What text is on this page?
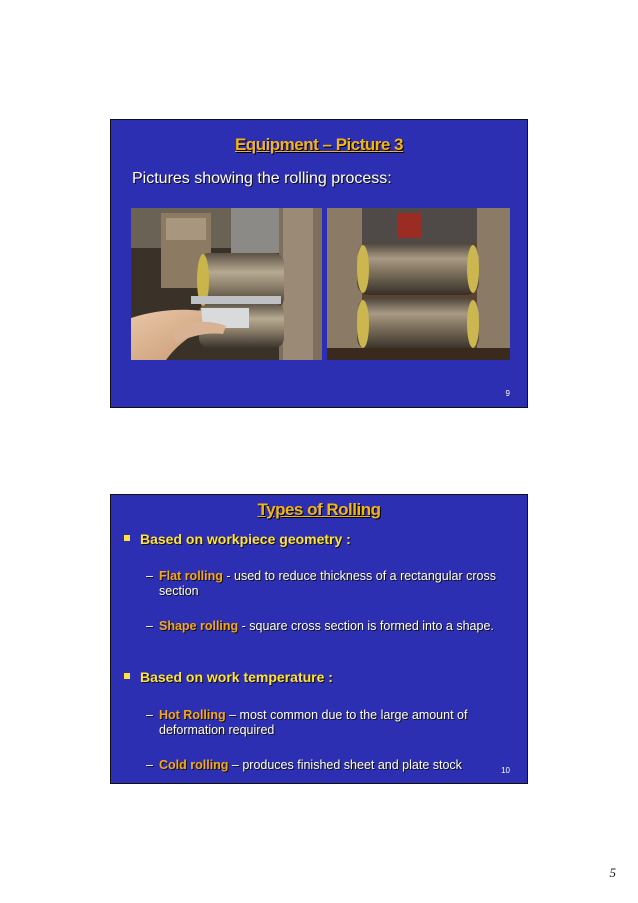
Equipment – Picture 3
Pictures showing the rolling process:
9
Types of Rolling
Based on workpiece geometry :
– Flat rolling - used to reduce thickness of a rectangular cross section
– Shape rolling - square cross section is formed into a shape.
Based on work temperature :
– Hot Rolling – most common due to the large amount of deformation required
– Cold rolling – produces finished sheet and plate stock	10
5
